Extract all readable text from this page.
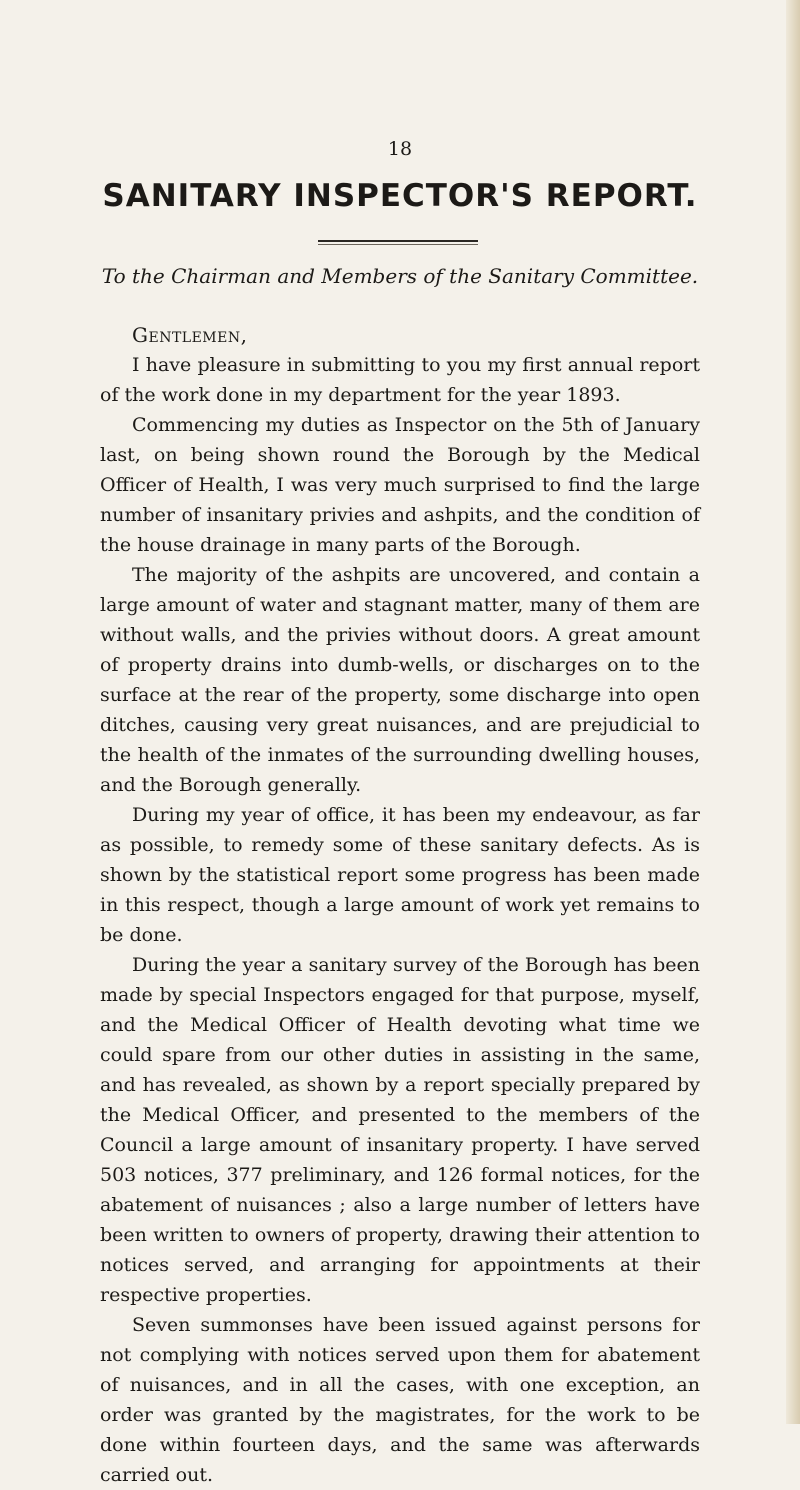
18
SANITARY INSPECTOR'S REPORT.
To the Chairman and Members of the Sanitary Committee.

Gentlemen,

I have pleasure in submitting to you my first annual report of the work done in my department for the year 1893.

Commencing my duties as Inspector on the 5th of January last, on being shown round the Borough by the Medical Officer of Health, I was very much surprised to find the large number of insanitary privies and ashpits, and the condition of the house drainage in many parts of the Borough.

The majority of the ashpits are uncovered, and contain a large amount of water and stagnant matter, many of them are without walls, and the privies without doors. A great amount of property drains into dumb-wells, or discharges on to the surface at the rear of the property, some discharge into open ditches, causing very great nuisances, and are prejudicial to the health of the inmates of the surrounding dwelling houses, and the Borough generally.

During my year of office, it has been my endeavour, as far as possible, to remedy some of these sanitary defects. As is shown by the statistical report some progress has been made in this respect, though a large amount of work yet remains to be done.

During the year a sanitary survey of the Borough has been made by special Inspectors engaged for that purpose, myself, and the Medical Officer of Health devoting what time we could spare from our other duties in assisting in the same, and has revealed, as shown by a report specially prepared by the Medical Officer, and presented to the members of the Council a large amount of insanitary property. I have served 503 notices, 377 preliminary, and 126 formal notices, for the abatement of nuisances ; also a large number of letters have been written to owners of property, drawing their attention to notices served, and arranging for appointments at their respective properties.

Seven summonses have been issued against persons for not complying with notices served upon them for abatement of nuisances, and in all the cases, with one exception, an order was granted by the magistrates, for the work to be done within fourteen days, and the same was afterwards carried out.
